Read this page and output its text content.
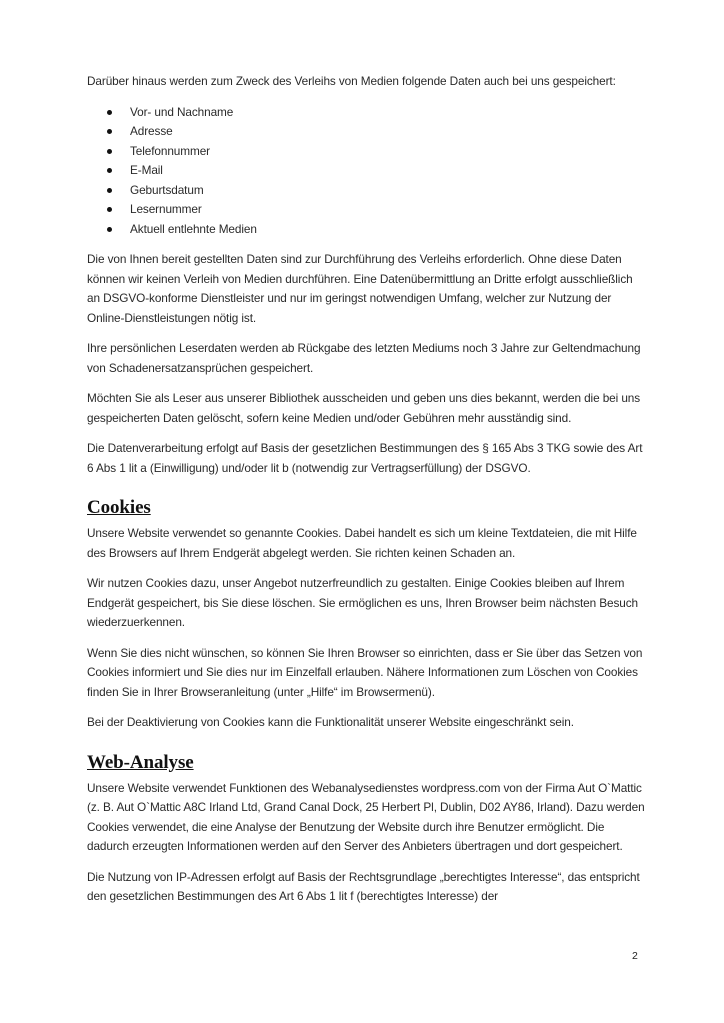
Darüber hinaus werden zum Zweck des Verleihs von Medien folgende Daten auch bei uns gespeichert:

Vor- und Nachname
Adresse
Telefonnummer
E-Mail
Geburtsdatum
Lesernummer
Aktuell entlehnte Medien

Die von Ihnen bereit gestellten Daten sind zur Durchführung des Verleihs erforderlich. Ohne diese Daten können wir keinen Verleih von Medien durchführen. Eine Datenübermittlung an Dritte erfolgt ausschließlich an DSGVO-konforme Dienstleister und nur im geringst notwendigen Umfang, welcher zur Nutzung der Online-Dienstleistungen nötig ist.

Ihre persönlichen Leserdaten werden ab Rückgabe des letzten Mediums noch 3 Jahre zur Geltendmachung von Schadenersatzansprüchen gespeichert.

Möchten Sie als Leser aus unserer Bibliothek ausscheiden und geben uns dies bekannt, werden die bei uns gespeicherten Daten gelöscht, sofern keine Medien und/oder Gebühren mehr ausständig sind.

Die Datenverarbeitung erfolgt auf Basis der gesetzlichen Bestimmungen des § 165 Abs 3 TKG sowie des Art 6 Abs 1 lit a (Einwilligung) und/oder lit b (notwendig zur Vertragserfüllung) der DSGVO.

Cookies

Unsere Website verwendet so genannte Cookies. Dabei handelt es sich um kleine Textdateien, die mit Hilfe des Browsers auf Ihrem Endgerät abgelegt werden. Sie richten keinen Schaden an.

Wir nutzen Cookies dazu, unser Angebot nutzerfreundlich zu gestalten. Einige Cookies bleiben auf Ihrem Endgerät gespeichert, bis Sie diese löschen. Sie ermöglichen es uns, Ihren Browser beim nächsten Besuch wiederzuerkennen.

Wenn Sie dies nicht wünschen, so können Sie Ihren Browser so einrichten, dass er Sie über das Setzen von Cookies informiert und Sie dies nur im Einzelfall erlauben. Nähere Informationen zum Löschen von Cookies finden Sie in Ihrer Browseranleitung (unter „Hilfe“ im Browsermenü).

Bei der Deaktivierung von Cookies kann die Funktionalität unserer Website eingeschränkt sein.

Web-Analyse

Unsere Website verwendet Funktionen des Webanalysedienstes wordpress.com von der Firma Aut O`Mattic (z. B. Aut O`Mattic A8C Irland Ltd, Grand Canal Dock, 25 Herbert Pl, Dublin, D02 AY86, Irland). Dazu werden Cookies verwendet, die eine Analyse der Benutzung der Website durch ihre Benutzer ermöglicht. Die dadurch erzeugten Informationen werden auf den Server des Anbieters übertragen und dort gespeichert.

Die Nutzung von IP-Adressen erfolgt auf Basis der Rechtsgrundlage „berechtigtes Interesse“, das entspricht den gesetzlichen Bestimmungen des Art 6 Abs 1 lit f (berechtigtes Interesse) der

2
